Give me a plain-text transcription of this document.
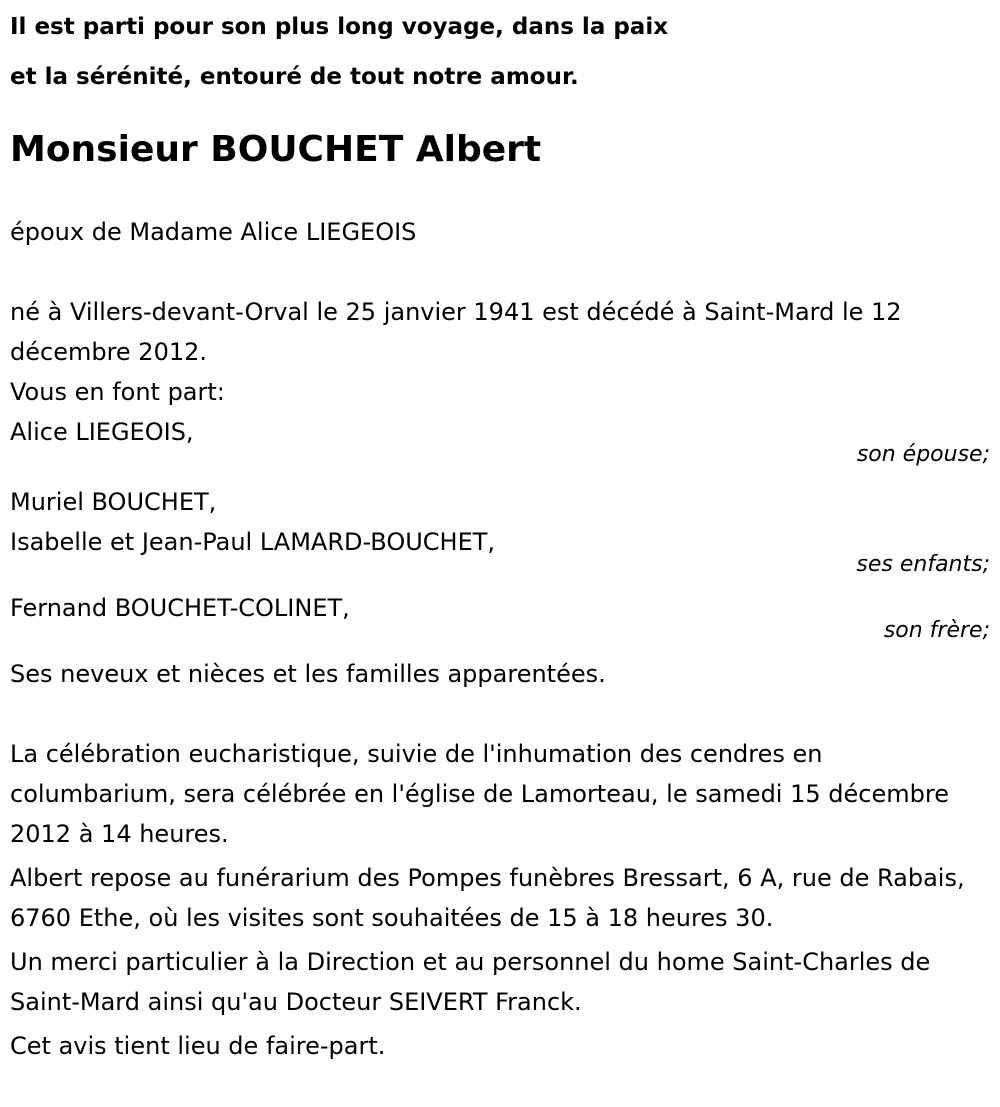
Il est parti pour son plus long voyage, dans la paix
et la sérénité, entouré de tout notre amour.
Monsieur BOUCHET Albert

époux de Madame Alice LIEGEOIS

né à Villers-devant-Orval le 25 janvier 1941 est décédé à Saint-Mard le 12 décembre 2012.

Vous en font part:

Alice LIEGEOIS,

son épouse;

Muriel BOUCHET,

Isabelle et Jean-Paul LAMARD-BOUCHET,

ses enfants;

Fernand BOUCHET-COLINET,

son frère;

Ses neveux et nièces et les familles apparentées.

La célébration eucharistique, suivie de l'inhumation des cendres en columbarium, sera célébrée en l'église de Lamorteau, le samedi 15 décembre 2012 à 14 heures.

Albert repose au funérarium des Pompes funèbres Bressart, 6 A, rue de Rabais, 6760 Ethe, où les visites sont souhaitées de 15 à 18 heures 30.

Un merci particulier à la Direction et au personnel du home Saint-Charles de Saint-Mard ainsi qu'au Docteur SEIVERT Franck.

Cet avis tient lieu de faire-part.
